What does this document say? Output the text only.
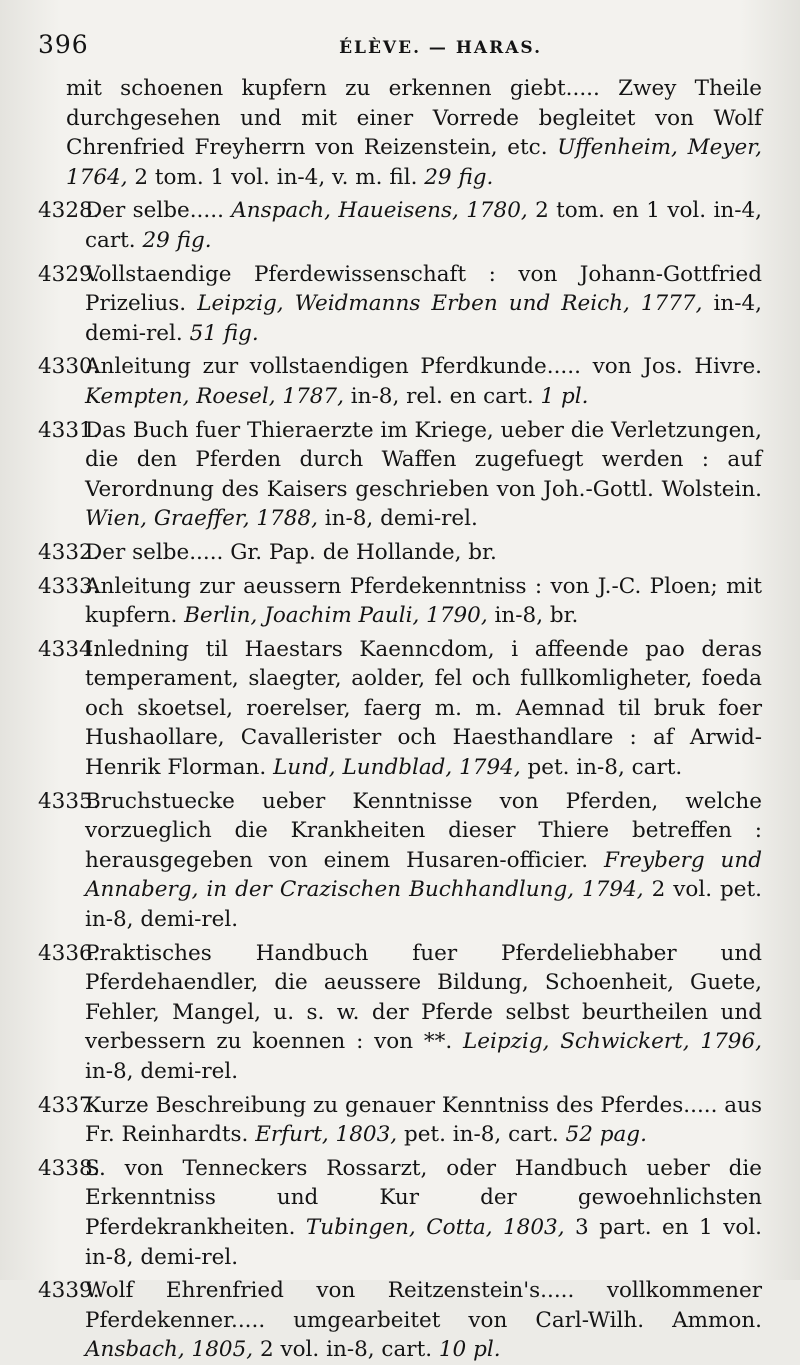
396	ÉLÈVE. — HARAS.

mit schoenen kupfern zu erkennen giebt..... Zwey Theile durchgesehen und mit einer Vorrede begleitet von Wolf Chrenfried Freyherrn von Reizenstein, etc. Uffenheim, Meyer, 1764, 2 tom. 1 vol. in-4, v. m. fil. 29 fig.

4328.Der selbe..... Anspach, Haueisens, 1780, 2 tom. en 1 vol. in-4, cart. 29 fig.

4329.Vollstaendige Pferdewissenschaft : von Johann-Gottfried Prizelius. Leipzig, Weidmanns Erben und Reich, 1777, in-4, demi-rel. 51 fig.

4330.Anleitung zur vollstaendigen Pferdkunde..... von Jos. Hivre. Kempten, Roesel, 1787, in-8, rel. en cart. 1 pl.

4331.Das Buch fuer Thieraerzte im Kriege, ueber die Verletzungen, die den Pferden durch Waffen zugefuegt werden : auf Verordnung des Kaisers geschrieben von Joh.-Gottl. Wolstein. Wien, Graeffer, 1788, in-8, demi-rel.

4332.Der selbe..... Gr. Pap. de Hollande, br.

4333.Anleitung zur aeussern Pferdekenntniss : von J.-C. Ploen; mit kupfern. Berlin, Joachim Pauli, 1790, in-8, br.

4334.Inledning til Haestars Kaenncdom, i affeende pao deras temperament, slaegter, aolder, fel och fullkomligheter, foeda och skoetsel, roerelser, faerg m. m. Aemnad til bruk foer Hushaollare, Cavallerister och Haesthandlare : af Arwid-Henrik Florman. Lund, Lundblad, 1794, pet. in-8, cart.

4335.Bruchstuecke ueber Kenntnisse von Pferden, welche vorzueglich die Krankheiten dieser Thiere betreffen : herausgegeben von einem Husaren-officier. Freyberg und Annaberg, in der Crazischen Buchhandlung, 1794, 2 vol. pet. in-8, demi-rel.

4336.Praktisches Handbuch fuer Pferdeliebhaber und Pferdehaendler, die aeussere Bildung, Schoenheit, Guete, Fehler, Mangel, u. s. w. der Pferde selbst beurtheilen und verbessern zu koennen : von **. Leipzig, Schwickert, 1796, in-8, demi-rel.

4337.Kurze Beschreibung zu genauer Kenntniss des Pferdes..... aus Fr. Reinhardts. Erfurt, 1803, pet. in-8, cart. 52 pag.

4338.S. von Tenneckers Rossarzt, oder Handbuch ueber die Erkenntniss und Kur der gewoehnlichsten Pferdekrankheiten. Tubingen, Cotta, 1803, 3 part. en 1 vol. in-8, demi-rel.

4339.Wolf Ehrenfried von Reitzenstein's..... vollkommener Pferdekenner..... umgearbeitet von Carl-Wilh. Ammon. Ansbach, 1805, 2 vol. in-8, cart. 10 pl.
